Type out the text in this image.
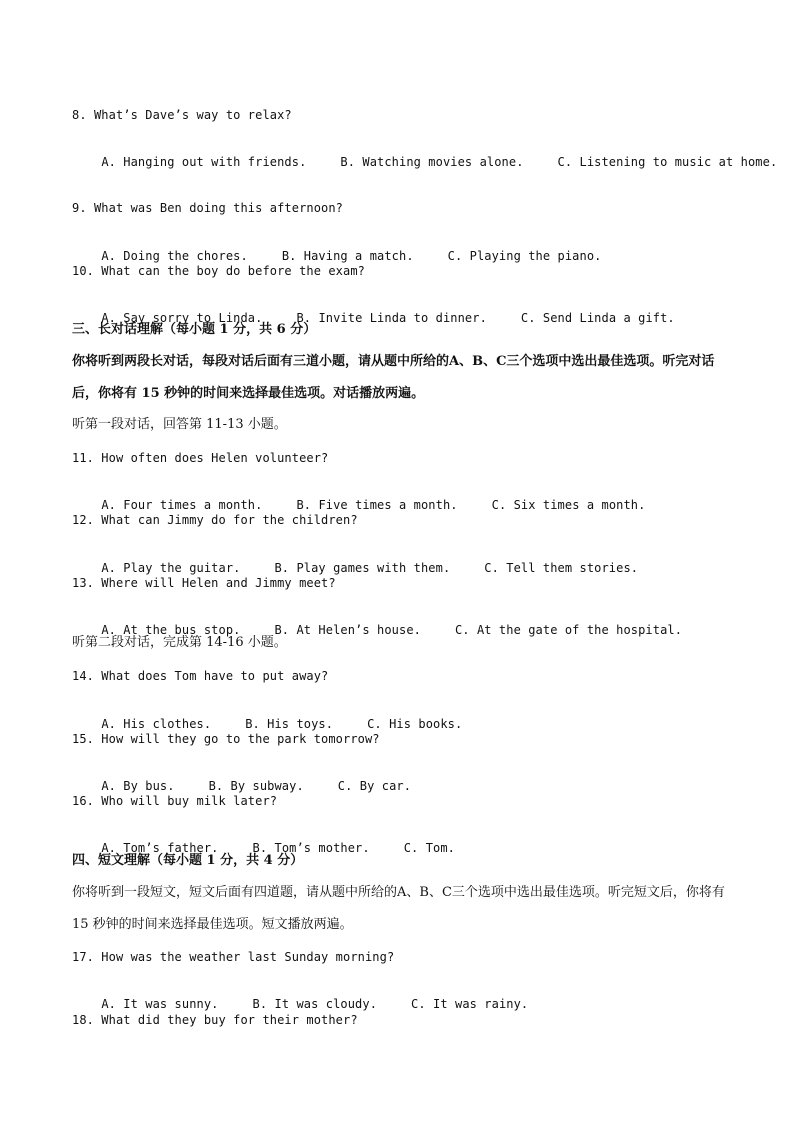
8. What’s Dave’s way to relax?

A. Hanging out with friends.	B. Watching movies alone.	C. Listening to music at home.

9. What was Ben doing this afternoon?

A. Doing the chores.	B. Having a match.	C. Playing the piano.

10. What can the boy do before the exam?

A. Say sorry to Linda.	B. Invite Linda to dinner.	C. Send Linda a gift.

三、长对话理解（每小题 1 分，共 6 分）
你将听到两段长对话，每段对话后面有三道小题，请从题中所给的A、B、C三个选项中选出最佳选项。听完对话后，你将有 15 秒钟的时间来选择最佳选项。对话播放两遍。
听第一段对话，回答第 11-13 小题。
11. How often does Helen volunteer?

A. Four times a month.	B. Five times a month.	C. Six times a month.

12. What can Jimmy do for the children?

A. Play the guitar.	B. Play games with them.	C. Tell them stories.

13. Where will Helen and Jimmy meet?

A. At the bus stop.	B. At Helen’s house.	C. At the gate of the hospital.

听第二段对话，完成第 14-16 小题。
14. What does Tom have to put away?

A. His clothes.	B. His toys.	C. His books.

15. How will they go to the park tomorrow?

A. By bus.	B. By subway.	C. By car.

16. Who will buy milk later?

A. Tom’s father.	B. Tom’s mother.	C. Tom.

四、短文理解（每小题 1 分，共 4 分）
你将听到一段短文，短文后面有四道题，请从题中所给的A、B、C三个选项中选出最佳选项。听完短文后，你将有 15 秒钟的时间来选择最佳选项。短文播放两遍。
17. How was the weather last Sunday morning?

A. It was sunny.	B. It was cloudy.	C. It was rainy.

18. What did they buy for their mother?
